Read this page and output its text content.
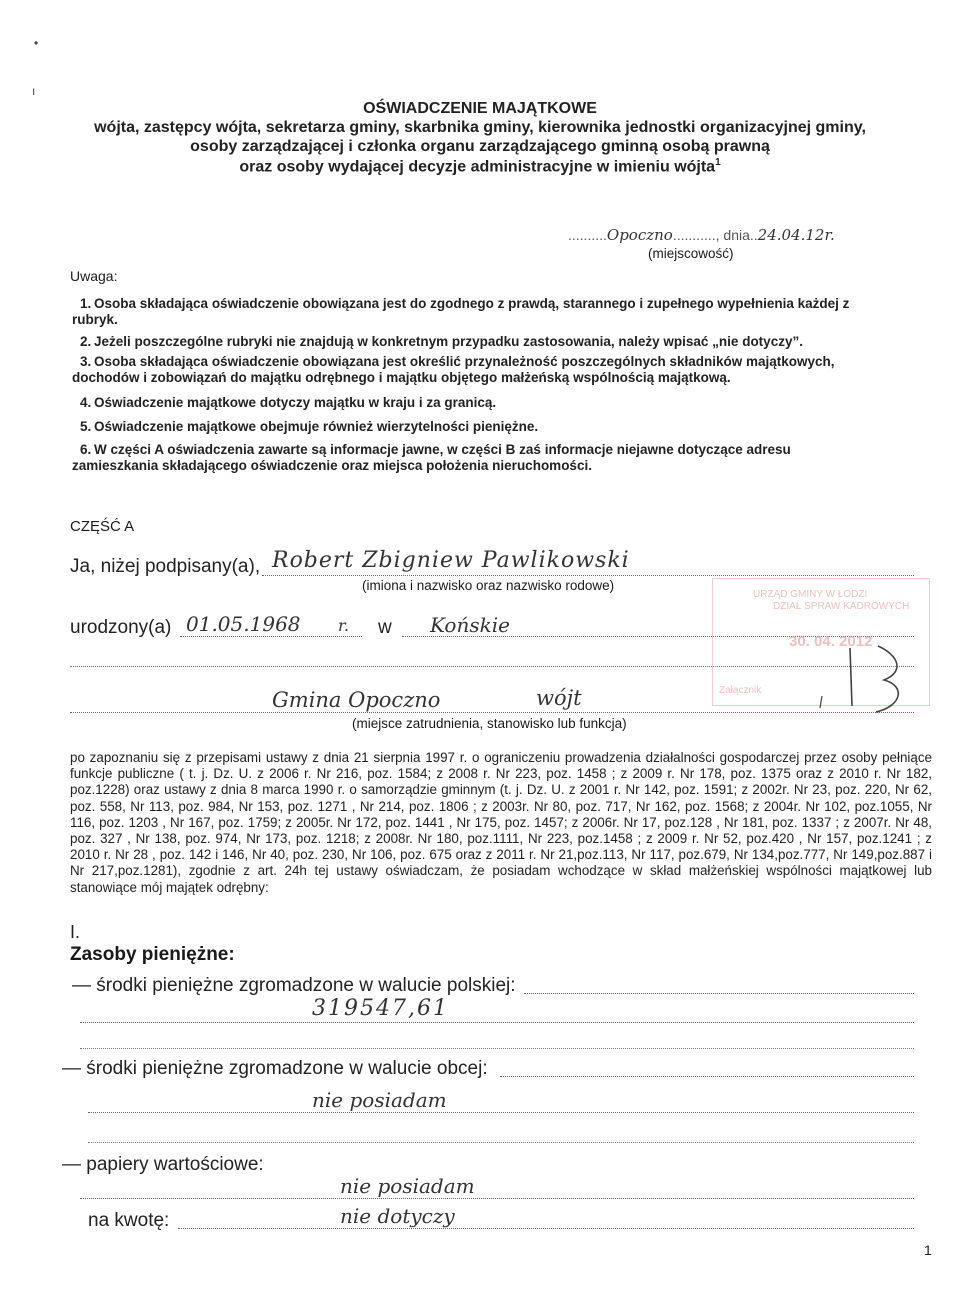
•
ı
OŚWIADCZENIE MAJĄTKOWE
wójta, zastępcy wójta, sekretarza gminy, skarbnika gminy, kierownika jednostki organizacyjnej gminy,
osoby zarządzającej i członka organu zarządzającego gminną osobą prawną
oraz osoby wydającej decyzje administracyjne w imieniu wójta$^1$
..........Opoczno..........., dnia..24.04.12r.
(miejscowość)
Uwaga:
1. Osoba składająca oświadczenie obowiązana jest do zgodnego z prawdą, starannego i zupełnego wypełnienia każdej z
rubryk.
2. Jeżeli poszczególne rubryki nie znajdują w konkretnym przypadku zastosowania, należy wpisać „nie dotyczy”.
3. Osoba składająca oświadczenie obowiązana jest określić przynależność poszczególnych składników majątkowych,
dochodów i zobowiązań do majątku odrębnego i majątku objętego małżeńską wspólnością majątkową.
4. Oświadczenie majątkowe dotyczy majątku w kraju i za granicą.
5. Oświadczenie majątkowe obejmuje również wierzytelności pieniężne.
6. W części A oświadczenia zawarte są informacje jawne, w części B zaś informacje niejawne dotyczące adresu
zamieszkania składającego oświadczenie oraz miejsca położenia nieruchomości.
CZĘŚĆ A
Ja, niżej podpisany(a), Robert Zbigniew Pawlikowski
(imiona i nazwisko oraz nazwisko rodowe)
urodzony(a) 01.05.1968 r. w Końskie
Gmina Opoczno	wójt
(miejsce zatrudnienia, stanowisko lub funkcja)
URZĄD GMINY W ŁODZI
DZIAŁ SPRAW KADROWYCH
30. 04. 2012
Załącznik
po zapoznaniu się z przepisami ustawy z dnia 21 sierpnia 1997 r. o ograniczeniu prowadzenia działalności gospodarczej przez osoby pełniące funkcje publiczne ( t. j. Dz. U. z 2006 r. Nr 216, poz. 1584; z 2008 r. Nr 223, poz. 1458 ; z 2009 r. Nr 178, poz. 1375 oraz z 2010 r. Nr 182, poz.1228) oraz ustawy z dnia 8 marca 1990 r. o samorządzie gminnym (t. j. Dz. U. z 2001 r. Nr 142, poz. 1591; z 2002r. Nr 23, poz. 220, Nr 62, poz. 558, Nr 113, poz. 984, Nr 153, poz. 1271 , Nr 214, poz. 1806 ; z 2003r. Nr 80, poz. 717, Nr 162, poz. 1568; z 2004r. Nr 102, poz.1055, Nr 116, poz. 1203 , Nr 167, poz. 1759; z 2005r. Nr 172, poz. 1441 , Nr 175, poz. 1457; z 2006r. Nr 17, poz.128 , Nr 181, poz. 1337 ; z 2007r. Nr 48, poz. 327 , Nr 138, poz. 974, Nr 173, poz. 1218; z 2008r. Nr 180, poz.1111, Nr 223, poz.1458 ; z 2009 r. Nr 52, poz.420 , Nr 157, poz.1241 ; z 2010 r. Nr 28 , poz. 142 i 146, Nr 40, poz. 230, Nr 106, poz. 675 oraz z 2011 r. Nr 21,poz.113, Nr 117, poz.679, Nr 134,poz.777, Nr 149,poz.887 i Nr 217,poz.1281), zgodnie z art. 24h tej ustawy oświadczam, że posiadam wchodzące w skład małżeńskiej wspólności majątkowej lub stanowiące mój majątek odrębny:
I.
Zasoby pieniężne:
— środki pieniężne zgromadzone w walucie polskiej:
319547,61
— środki pieniężne zgromadzone w walucie obcej:
nie posiadam
— papiery wartościowe:
nie posiadam
na kwotę:	nie dotyczy
1
